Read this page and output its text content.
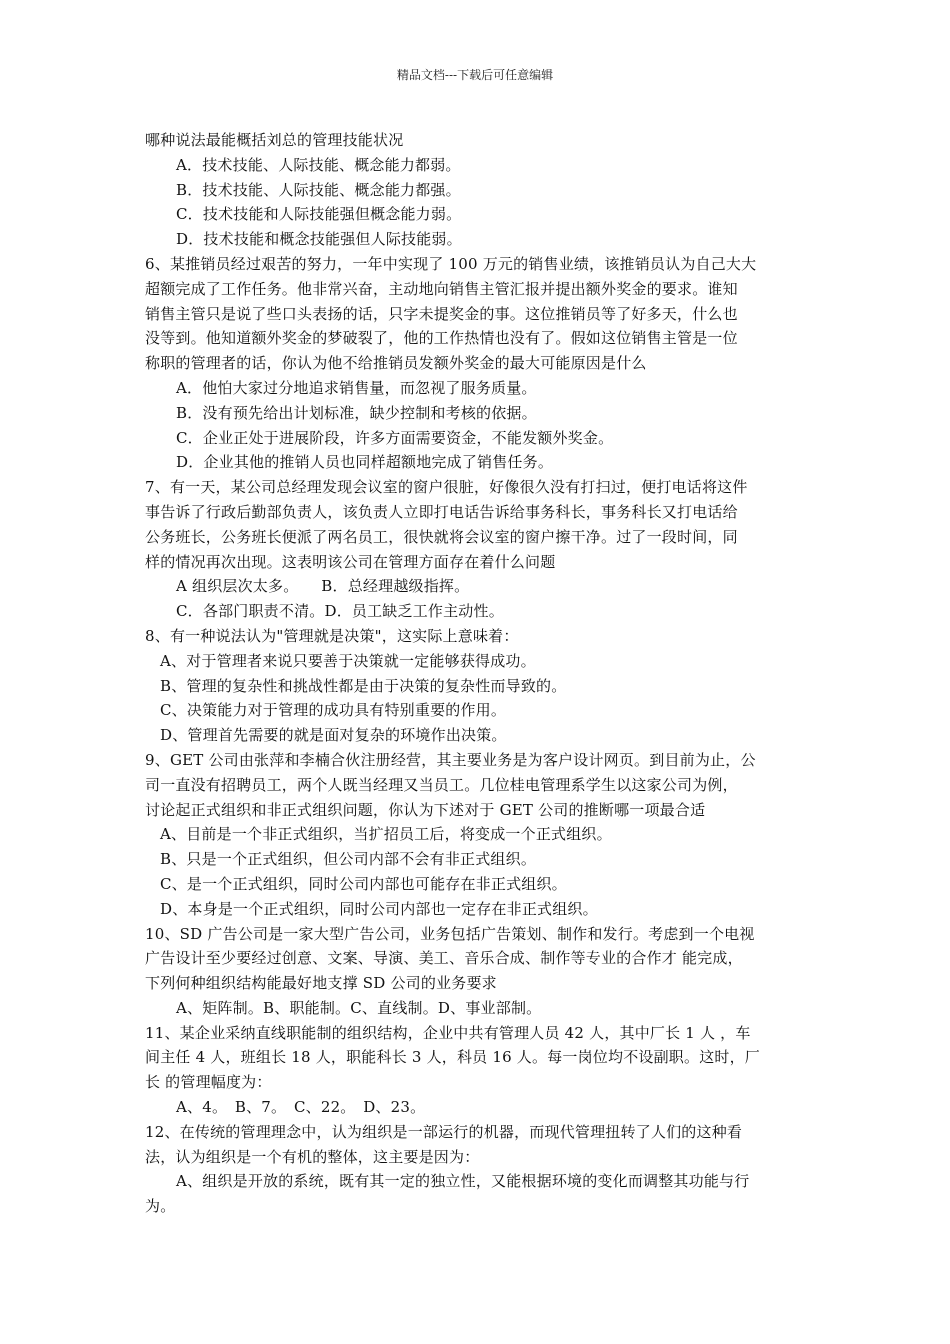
精品文档---下载后可任意编辑
哪种说法最能概括刘总的管理技能状况
A．技术技能、人际技能、概念能力都弱。
B．技术技能、人际技能、概念能力都强。
C．技术技能和人际技能强但概念能力弱。
D．技术技能和概念技能强但人际技能弱。
6、某推销员经过艰苦的努力，一年中实现了 100 万元的销售业绩，该推销员认为自己大大
超额完成了工作任务。他非常兴奋，主动地向销售主管汇报并提出额外奖金的要求。谁知
销售主管只是说了些口头表扬的话，只字未提奖金的事。这位推销员等了好多天，什么也
没等到。他知道额外奖金的梦破裂了，他的工作热情也没有了。假如这位销售主管是一位
称职的管理者的话，你认为他不给推销员发额外奖金的最大可能原因是什么
A．他怕大家过分地追求销售量，而忽视了服务质量。
B．没有预先给出计划标准，缺少控制和考核的依据。
C．企业正处于进展阶段，许多方面需要资金，不能发额外奖金。
D．企业其他的推销人员也同样超额地完成了销售任务。
7、有一天，某公司总经理发现会议室的窗户很脏，好像很久没有打扫过，便打电话将这件
事告诉了行政后勤部负责人，该负责人立即打电话告诉给事务科长，事务科长又打电话给
公务班长，公务班长便派了两名员工，很快就将会议室的窗户擦干净。过了一段时间，同
样的情况再次出现。这表明该公司在管理方面存在着什么问题
A 组织层次太多。　　B．总经理越级指挥。
C．各部门职责不清。D．员工缺乏工作主动性。
8、有一种说法认为"管理就是决策"，这实际上意味着：
A、对于管理者来说只要善于决策就一定能够获得成功。
B、管理的复杂性和挑战性都是由于决策的复杂性而导致的。
C、决策能力对于管理的成功具有特别重要的作用。
D、管理首先需要的就是面对复杂的环境作出决策。
9、GET 公司由张萍和李楠合伙注册经营，其主要业务是为客户设计网页。到目前为止，公
司一直没有招聘员工，两个人既当经理又当员工。几位桂电管理系学生以这家公司为例，
讨论起正式组织和非正式组织问题，你认为下述对于 GET 公司的推断哪一项最合适
A、目前是一个非正式组织，当扩招员工后，将变成一个正式组织。
B、只是一个正式组织，但公司内部不会有非正式组织。
C、是一个正式组织，同时公司内部也可能存在非正式组织。
D、本身是一个正式组织，同时公司内部也一定存在非正式组织。
10、SD 广告公司是一家大型广告公司，业务包括广告策划、制作和发行。考虑到一个电视
广告设计至少要经过创意、文案、导演、美工、音乐合成、制作等专业的合作才 能完成，
下列何种组织结构能最好地支撑 SD 公司的业务要求
A、矩阵制。B、职能制。C、直线制。D、事业部制。
11、某企业采纳直线职能制的组织结构，企业中共有管理人员 42 人，其中厂长 1 人 ，车
间主任 4 人，班组长 18 人，职能科长 3 人，科员 16 人。每一岗位均不设副职。这时，厂
长 的管理幅度为：
A、4。　B、7。　C、22。　D、23。
12、在传统的管理理念中，认为组织是一部运行的机器，而现代管理扭转了人们的这种看
法，认为组织是一个有机的整体，这主要是因为：
A、组织是开放的系统，既有其一定的独立性，又能根据环境的变化而调整其功能与行
为。
